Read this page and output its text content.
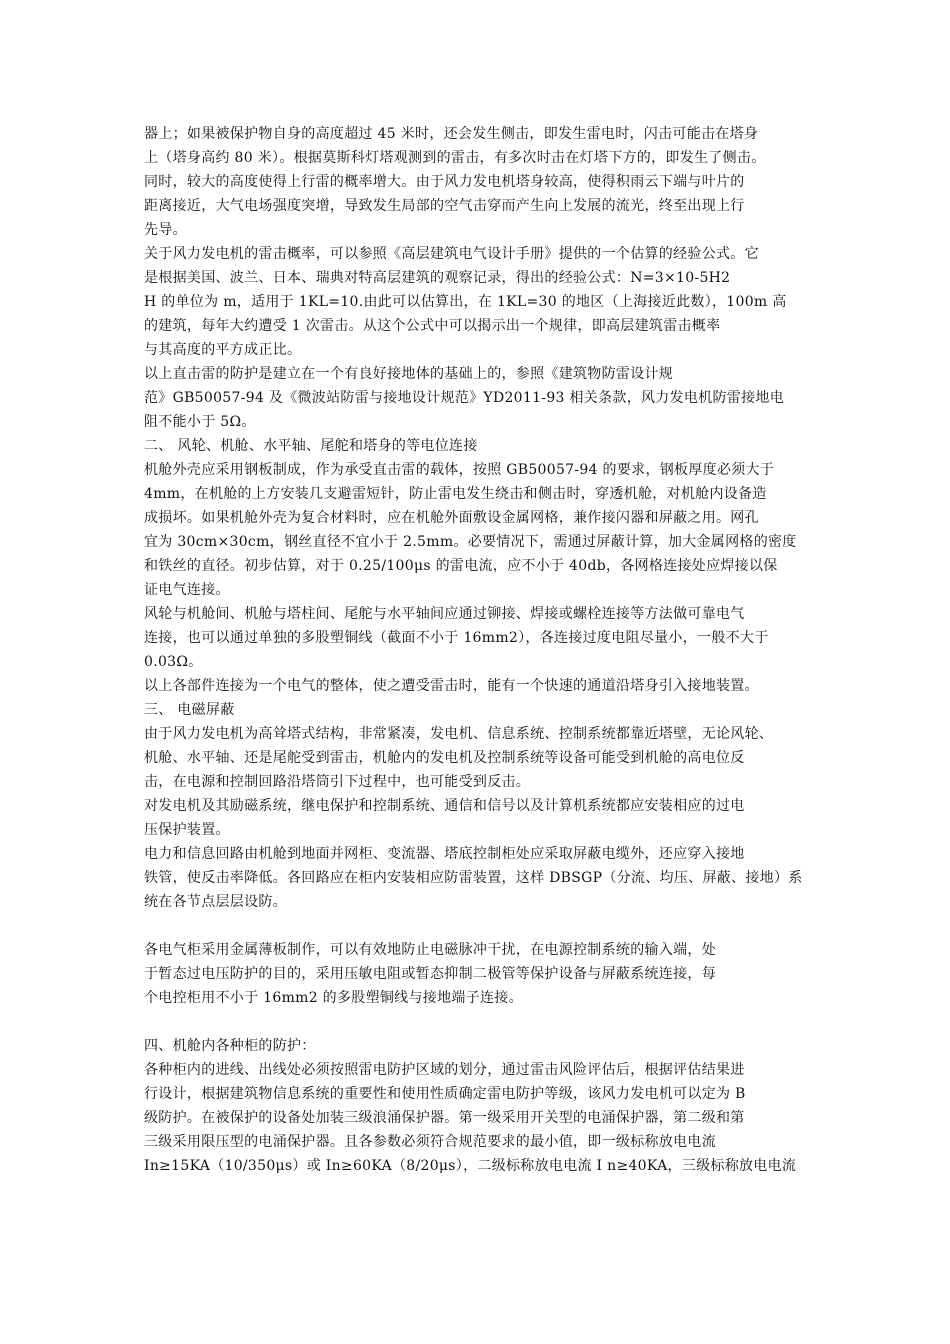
器上；如果被保护物自身的高度超过 45 米时，还会发生侧击，即发生雷电时，闪击可能击在塔身
上（塔身高约 80 米）。根据莫斯科灯塔观测到的雷击，有多次时击在灯塔下方的，即发生了侧击。
同时，较大的高度使得上行雷的概率增大。由于风力发电机塔身较高，使得积雨云下端与叶片的
距离接近，大气电场强度突增，导致发生局部的空气击穿而产生向上发展的流光，终至出现上行
先导。
关于风力发电机的雷击概率，可以参照《高层建筑电气设计手册》提供的一个估算的经验公式。它
是根据美国、波兰、日本、瑞典对特高层建筑的观察记录，得出的经验公式：N=3×10-5H2
H 的单位为 m，适用于 1KL=10.由此可以估算出，在 1KL=30 的地区（上海接近此数），100m 高
的建筑，每年大约遭受 1 次雷击。从这个公式中可以揭示出一个规律，即高层建筑雷击概率
与其高度的平方成正比。
以上直击雷的防护是建立在一个有良好接地体的基础上的，参照《建筑物防雷设计规
范》GB50057-94 及《微波站防雷与接地设计规范》YD2011-93 相关条款，风力发电机防雷接地电
阻不能小于 5Ω。
二、 风轮、机舱、水平轴、尾舵和塔身的等电位连接
机舱外壳应采用钢板制成，作为承受直击雷的载体，按照 GB50057-94 的要求，钢板厚度必须大于
4mm，在机舱的上方安装几支避雷短针，防止雷电发生绕击和侧击时，穿透机舱，对机舱内设备造
成损坏。如果机舱外壳为复合材料时，应在机舱外面敷设金属网格，兼作接闪器和屏蔽之用。网孔
宜为 30cm×30cm，钢丝直径不宜小于 2.5mm。必要情况下，需通过屏蔽计算，加大金属网格的密度
和铁丝的直径。初步估算，对于 0.25/100μs 的雷电流，应不小于 40db，各网格连接处应焊接以保
证电气连接。
风轮与机舱间、机舱与塔柱间、尾舵与水平轴间应通过铆接、焊接或螺栓连接等方法做可靠电气
连接，也可以通过单独的多股塑铜线（截面不小于 16mm2），各连接过度电阻尽量小，一般不大于
0.03Ω。
以上各部件连接为一个电气的整体，使之遭受雷击时，能有一个快速的通道沿塔身引入接地装置。
三、 电磁屏蔽
由于风力发电机为高耸塔式结构，非常紧凑，发电机、信息系统、控制系统都靠近塔壁，无论风轮、
机舱、水平轴、还是尾舵受到雷击，机舱内的发电机及控制系统等设备可能受到机舱的高电位反
击，在电源和控制回路沿塔筒引下过程中，也可能受到反击。
对发电机及其励磁系统，继电保护和控制系统、通信和信号以及计算机系统都应安装相应的过电
压保护装置。
电力和信息回路由机舱到地面并网柜、变流器、塔底控制柜处应采取屏蔽电缆外，还应穿入接地
铁管，使反击率降低。各回路应在柜内安装相应防雷装置，这样 DBSGP（分流、均压、屏蔽、接地）系
统在各节点层层设防。
各电气柜采用金属薄板制作，可以有效地防止电磁脉冲干扰，在电源控制系统的输入端，处
于暂态过电压防护的目的，采用压敏电阻或暂态抑制二极管等保护设备与屏蔽系统连接，每
个电控柜用不小于 16mm2 的多股塑铜线与接地端子连接。
四、机舱内各种柜的防护：
各种柜内的进线、出线处必须按照雷电防护区域的划分，通过雷击风险评估后，根据评估结果进
行设计，根据建筑物信息系统的重要性和使用性质确定雷电防护等级，该风力发电机可以定为 B
级防护。在被保护的设备处加装三级浪涌保护器。第一级采用开关型的电涌保护器，第二级和第
三级采用限压型的电涌保护器。且各参数必须符合规范要求的最小值，即一级标称放电电流
In≥15KA（10/350μs）或 In≥60KA（8/20μs），二级标称放电电流 I n≥40KA，三级标称放电电流
